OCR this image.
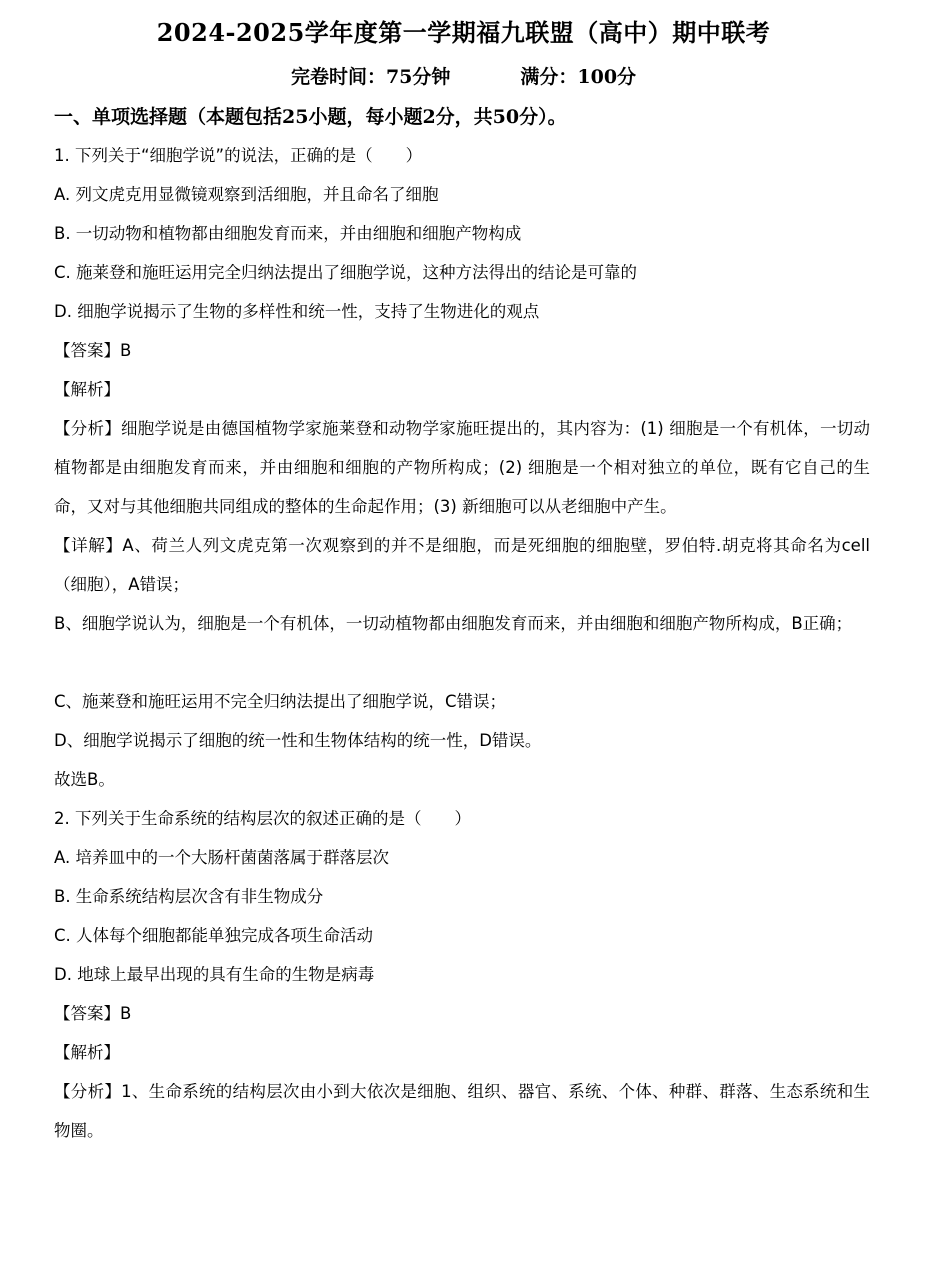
2024-2025学年度第一学期福九联盟（高中）期中联考
完卷时间：75分钟	满分：100分
一、单项选择题（本题包括25小题，每小题2分，共50分）。
1. 下列关于“细胞学说”的说法，正确的是（　　）
A. 列文虎克用显微镜观察到活细胞，并且命名了细胞
B. 一切动物和植物都由细胞发育而来，并由细胞和细胞产物构成
C. 施莱登和施旺运用完全归纳法提出了细胞学说，这种方法得出的结论是可靠的
D. 细胞学说揭示了生物的多样性和统一性，支持了生物进化的观点
【答案】B
【解析】
【分析】细胞学说是由德国植物学家施莱登和动物学家施旺提出的，其内容为：(1) 细胞是一个有机体，一切动植物都是由细胞发育而来，并由细胞和细胞的产物所构成；(2) 细胞是一个相对独立的单位，既有它自己的生命，又对与其他细胞共同组成的整体的生命起作用；(3) 新细胞可以从老细胞中产生。
【详解】A、荷兰人列文虎克第一次观察到的并不是细胞，而是死细胞的细胞壁，罗伯特.胡克将其命名为cell（细胞），A错误；
B、细胞学说认为，细胞是一个有机体，一切动植物都由细胞发育而来，并由细胞和细胞产物所构成，B正确；
C、施莱登和施旺运用不完全归纳法提出了细胞学说，C错误；
D、细胞学说揭示了细胞的统一性和生物体结构的统一性，D错误。
故选B。
2. 下列关于生命系统的结构层次的叙述正确的是（　　）
A. 培养皿中的一个大肠杆菌菌落属于群落层次
B. 生命系统结构层次含有非生物成分
C. 人体每个细胞都能单独完成各项生命活动
D. 地球上最早出现的具有生命的生物是病毒
【答案】B
【解析】
【分析】1、生命系统的结构层次由小到大依次是细胞、组织、器官、系统、个体、种群、群落、生态系统和生物圈。
